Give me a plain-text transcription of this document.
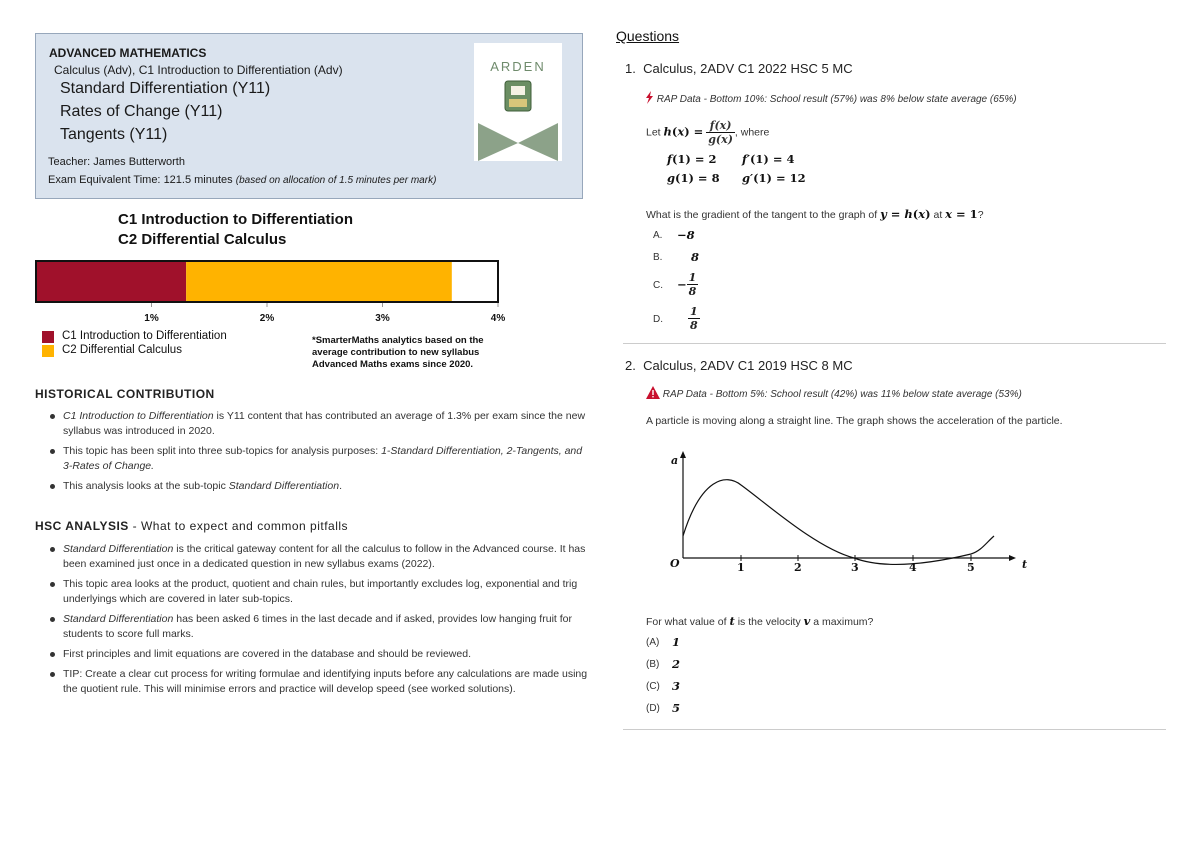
ADVANCED MATHEMATICS
Calculus (Adv), C1 Introduction to Differentiation (Adv)
Standard Differentiation (Y11)
Rates of Change (Y11)
Tangents (Y11)
Teacher: James Butterworth
Exam Equivalent Time: 121.5 minutes (based on allocation of 1.5 minutes per mark)
ARDEN
C1 Introduction to Differentiation
C2 Differential Calculus
1%	2%	3%	4%
C1 Introduction to Differentiation
C2 Differential Calculus
*SmarterMaths analytics based on the average contribution to new syllabus Advanced Maths exams since 2020.
HISTORICAL CONTRIBUTION
C1 Introduction to Differentiation is Y11 content that has contributed an average of 1.3% per exam since the new syllabus was introduced in 2020.
This topic has been split into three sub-topics for analysis purposes: 1-Standard Differentiation, 2-Tangents, and 3-Rates of Change.
This analysis looks at the sub-topic Standard Differentiation.
HSC ANALYSIS - What to expect and common pitfalls
Standard Differentiation is the critical gateway content for all the calculus to follow in the Advanced course. It has been examined just once in a dedicated question in new syllabus exams (2022).
This topic area looks at the product, quotient and chain rules, but importantly excludes log, exponential and trig underlyings which are covered in later sub-topics.
Standard Differentiation has been asked 6 times in the last decade and if asked, provides low hanging fruit for students to score full marks.
First principles and limit equations are covered in the database and should be reviewed.
TIP: Create a clear cut process for writing formulae and identifying inputs before any calculations are made using the quotient rule. This will minimise errors and practice will develop speed (see worked solutions).
Questions
1. Calculus, 2ADV C1 2022 HSC 5 MC
RAP Data - Bottom 10%: School result (57%) was 8% below state average (65%)
Let $h(x) = \frac{f(x)}{g(x)}$ , where
f(1) = 2 f′(1) = 4
g(1) = 8 g′(1) = 12
What is the gradient of the tangent to the graph of y = h(x) at x = 1?
A. −8
B. 8
C. − $\frac{1}{8}$
D. $\frac{1}{8}$
2. Calculus, 2ADV C1 2019 HSC 8 MC
RAP Data - Bottom 5%: School result (42%) was 11% below state average (53%)
A particle is moving along a straight line. The graph shows the acceleration of the particle.
a
t
O	1	2	3	4	5
For what value of t is the velocity v a maximum?
(A) 1
(B) 2
(C) 3
(D) 5
